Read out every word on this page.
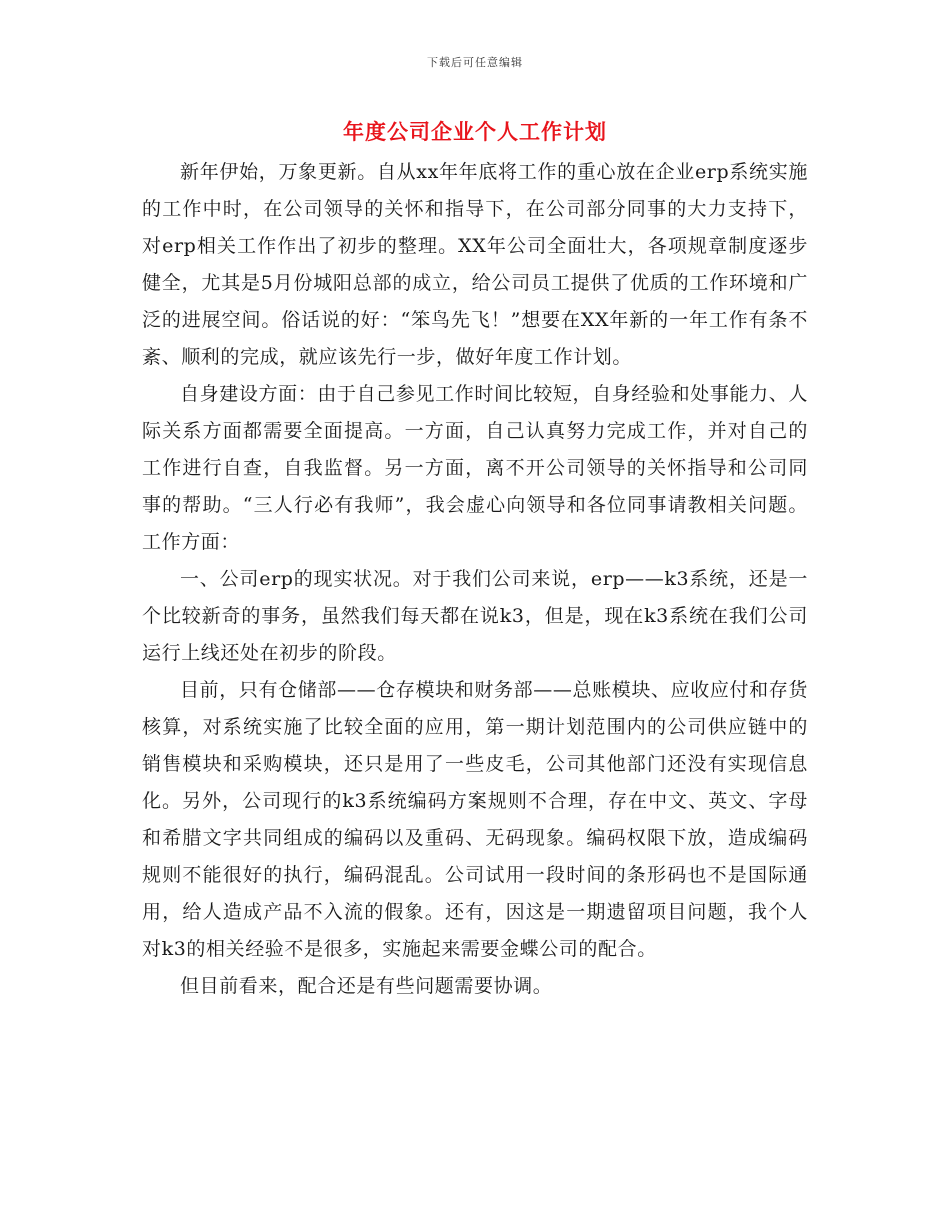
下载后可任意编辑
年度公司企业个人工作计划

新年伊始，万象更新。自从xx年年底将工作的重心放在企业erp系统实施的工作中时，在公司领导的关怀和指导下，在公司部分同事的大力支持下，对erp相关工作作出了初步的整理。XX年公司全面壮大，各项规章制度逐步健全，尤其是5月份城阳总部的成立，给公司员工提供了优质的工作环境和广泛的进展空间。俗话说的好：“笨鸟先飞！”想要在XX年新的一年工作有条不紊、顺利的完成，就应该先行一步，做好年度工作计划。

自身建设方面：由于自己参见工作时间比较短，自身经验和处事能力、人际关系方面都需要全面提高。一方面，自己认真努力完成工作，并对自己的工作进行自查，自我监督。另一方面，离不开公司领导的关怀指导和公司同事的帮助。“三人行必有我师”，我会虚心向领导和各位同事请教相关问题。 工作方面：

一、公司erp的现实状况。对于我们公司来说，erp——k3系统，还是一个比较新奇的事务，虽然我们每天都在说k3，但是，现在k3系统在我们公司运行上线还处在初步的阶段。

目前，只有仓储部——仓存模块和财务部——总账模块、应收应付和存货核算，对系统实施了比较全面的应用，第一期计划范围内的公司供应链中的销售模块和采购模块，还只是用了一些皮毛，公司其他部门还没有实现信息化。另外，公司现行的k3系统编码方案规则不合理，存在中文、英文、字母和希腊文字共同组成的编码以及重码、无码现象。编码权限下放，造成编码规则不能很好的执行，编码混乱。公司试用一段时间的条形码也不是国际通用，给人造成产品不入流的假象。还有，因这是一期遗留项目问题，我个人对k3的相关经验不是很多，实施起来需要金蝶公司的配合。

但目前看来，配合还是有些问题需要协调。
